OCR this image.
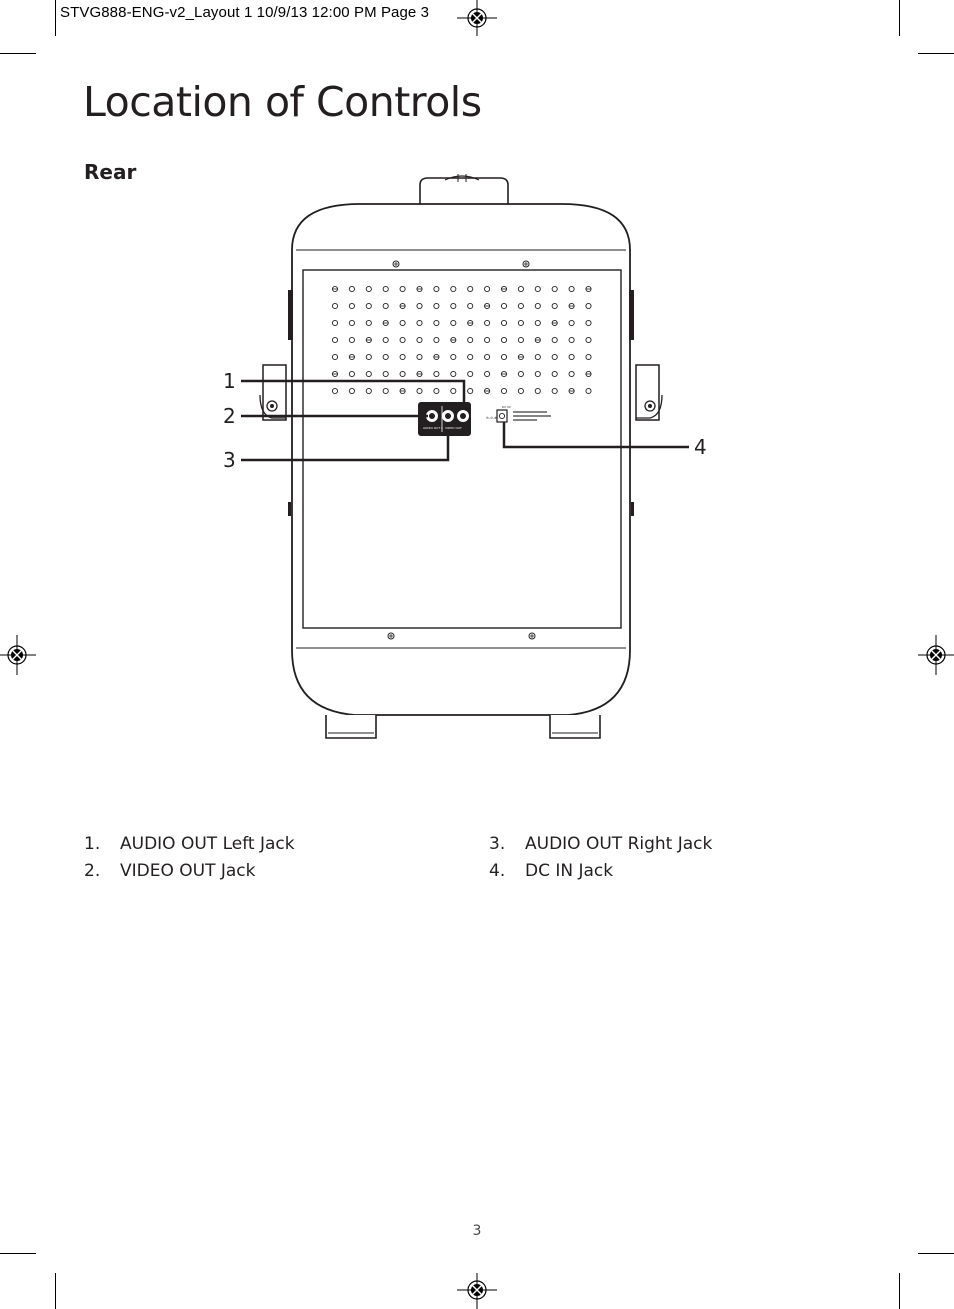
STVG888-ENG-v2_Layout 1 10/9/13 12:00 PM Page 3
Location of Controls
Rear
AUDIO OUT L VIDEO OUT
⊖-⊙-⊕
DC IN
1
2
3
4
1. AUDIO OUT Left Jack
2. VIDEO OUT Jack
3. AUDIO OUT Right Jack
4. DC IN Jack
3
